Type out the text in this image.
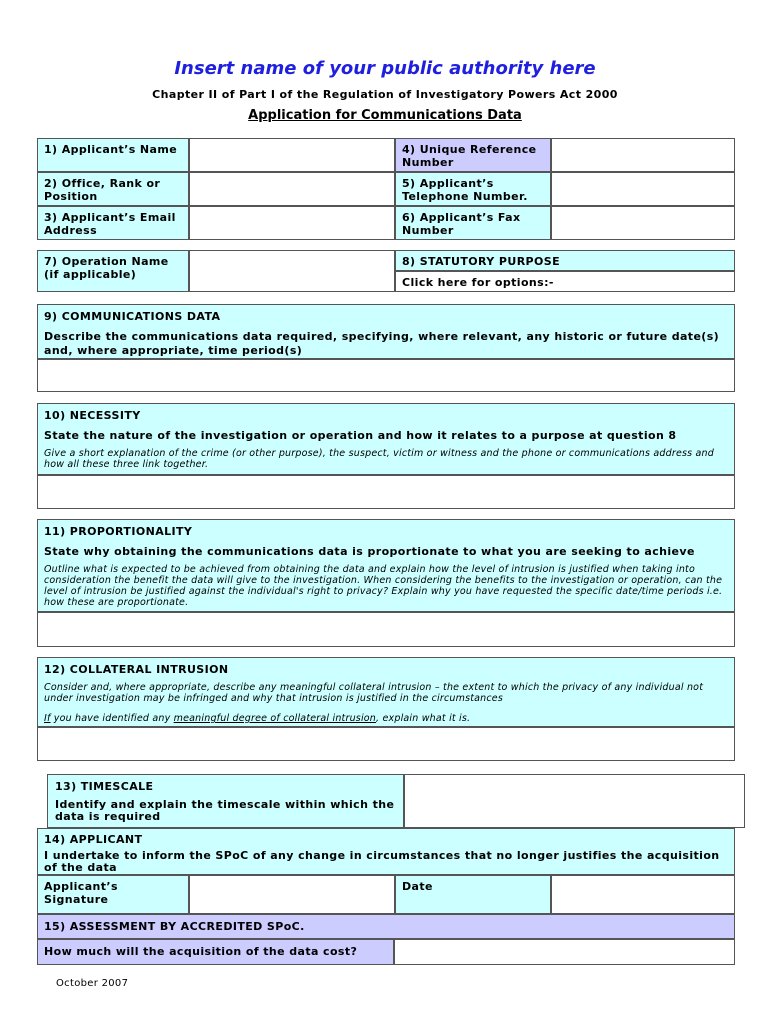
Insert name of your public authority here
Chapter II of Part I of the Regulation of Investigatory Powers Act 2000
Application for Communications Data
1) Applicant’s Name	4) Unique Reference Number
2) Office, Rank or Position
5) Applicant’s Telephone Number.
3) Applicant’s Email Address
6) Applicant’s Fax Number
7) Operation Name (if applicable)
8) STATUTORY PURPOSE
Click here for options:-
9) COMMUNICATIONS DATA
Describe the communications data required, specifying, where relevant, any historic or future date(s) and, where appropriate, time period(s)
10) NECESSITY
State the nature of the investigation or operation and how it relates to a purpose at question 8
Give a short explanation of the crime (or other purpose), the suspect, victim or witness and the phone or communications address and how all these three link together.
11) PROPORTIONALITY
State why obtaining the communications data is proportionate to what you are seeking to achieve
Outline what is expected to be achieved from obtaining the data and explain how the level of intrusion is justified when taking into consideration the benefit the data will give to the investigation. When considering the benefits to the investigation or operation, can the level of intrusion be justified against the individual's right to privacy? Explain why you have requested the specific date/time periods i.e. how these are proportionate.
12) COLLATERAL INTRUSION
Consider and, where appropriate, describe any meaningful collateral intrusion – the extent to which the privacy of any individual not under investigation may be infringed and why that intrusion is justified in the circumstances
If you have identified any meaningful degree of collateral intrusion, explain what it is.
13) TIMESCALE
Identify and explain the timescale within which the data is required
14) APPLICANT
I undertake to inform the SPoC of any change in circumstances that no longer justifies the acquisition of the data
Applicant’s Signature
Date
15) ASSESSMENT BY ACCREDITED SPoC.
How much will the acquisition of the data cost?
October 2007
